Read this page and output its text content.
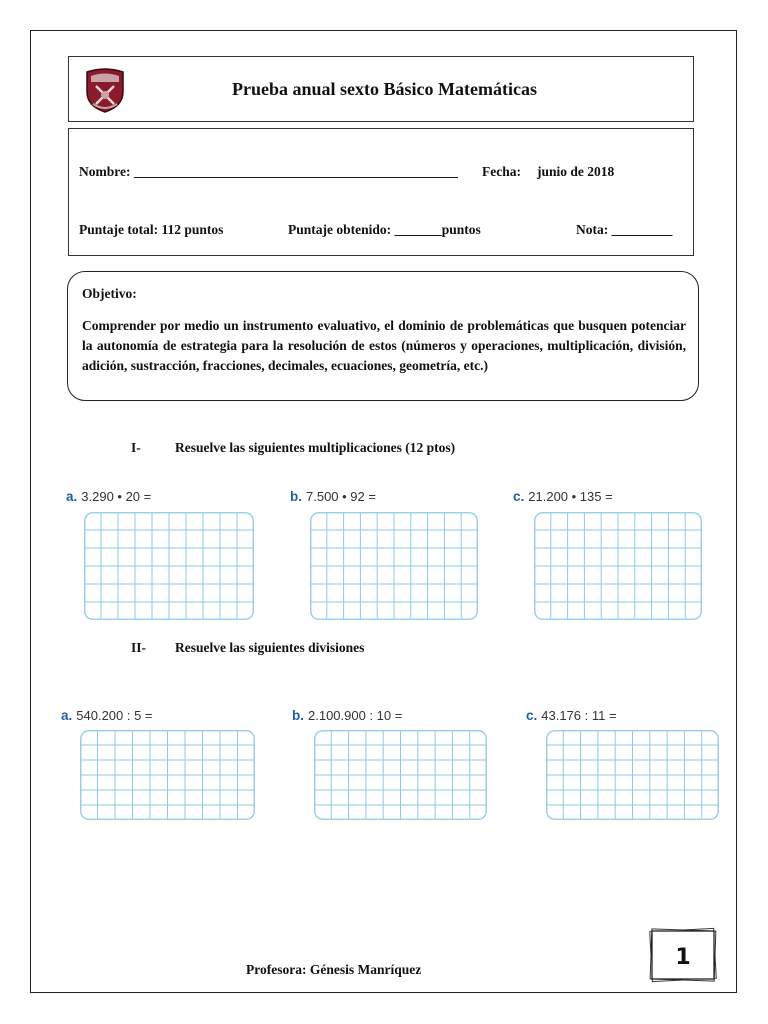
Prueba anual sexto Básico Matemáticas
Nombre: ________________________________________________ Fecha: junio de 2018
Puntaje total: 112 puntos	Puntaje obtenido: _______puntos	Nota: _________
Objetivo:
Comprender por medio un instrumento evaluativo, el dominio de problemáticas que busquen potenciar la autonomía de estrategia para la resolución de estos (números y operaciones, multiplicación, división, adición, sustracción, fracciones, decimales, ecuaciones, geometría, etc.)
I-	Resuelve las siguientes multiplicaciones (12 ptos)
a. 3.290 • 20 =	b. 7.500 • 92 =	c. 21.200 • 135 =
II- Resuelve las siguientes divisiones
a. 540.200 : 5 =	b. 2.100.900 : 10 =	c. 43.176 : 11 =
Profesora: Génesis Manríquez	1
